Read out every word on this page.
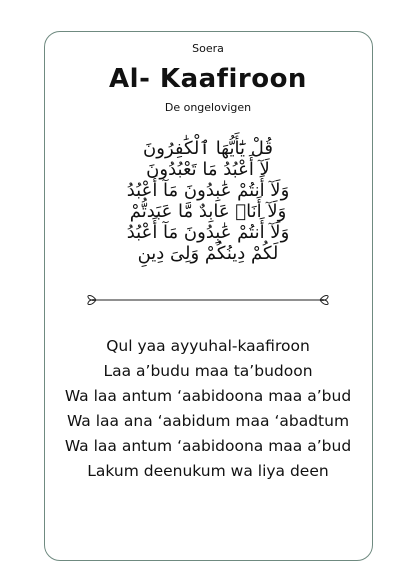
Soera
Al- Kaafiroon
De ongelovigen
قُلْ يَٰٓأَيُّهَا ٱلْكَٰفِرُونَ
لَآ أَعْبُدُ مَا تَعْبُدُونَ
وَلَآ أَنتُمْ عَٰبِدُونَ مَآ أَعْبُدُ
وَلَآ أَنَا۠ عَابِدٌ مَّا عَبَدتُّمْ
وَلَآ أَنتُمْ عَٰبِدُونَ مَآ أَعْبُدُ
لَكُمْ دِينُكُمْ وَلِىَ دِينِ
Qul yaa ayyuhal-kaafiroon
Laa a’budu maa ta’budoon
Wa laa antum ‘aabidoona maa a’bud
Wa laa ana ‘aabidum maa ‘abadtum
Wa laa antum ‘aabidoona maa a’bud
Lakum deenukum wa liya deen
